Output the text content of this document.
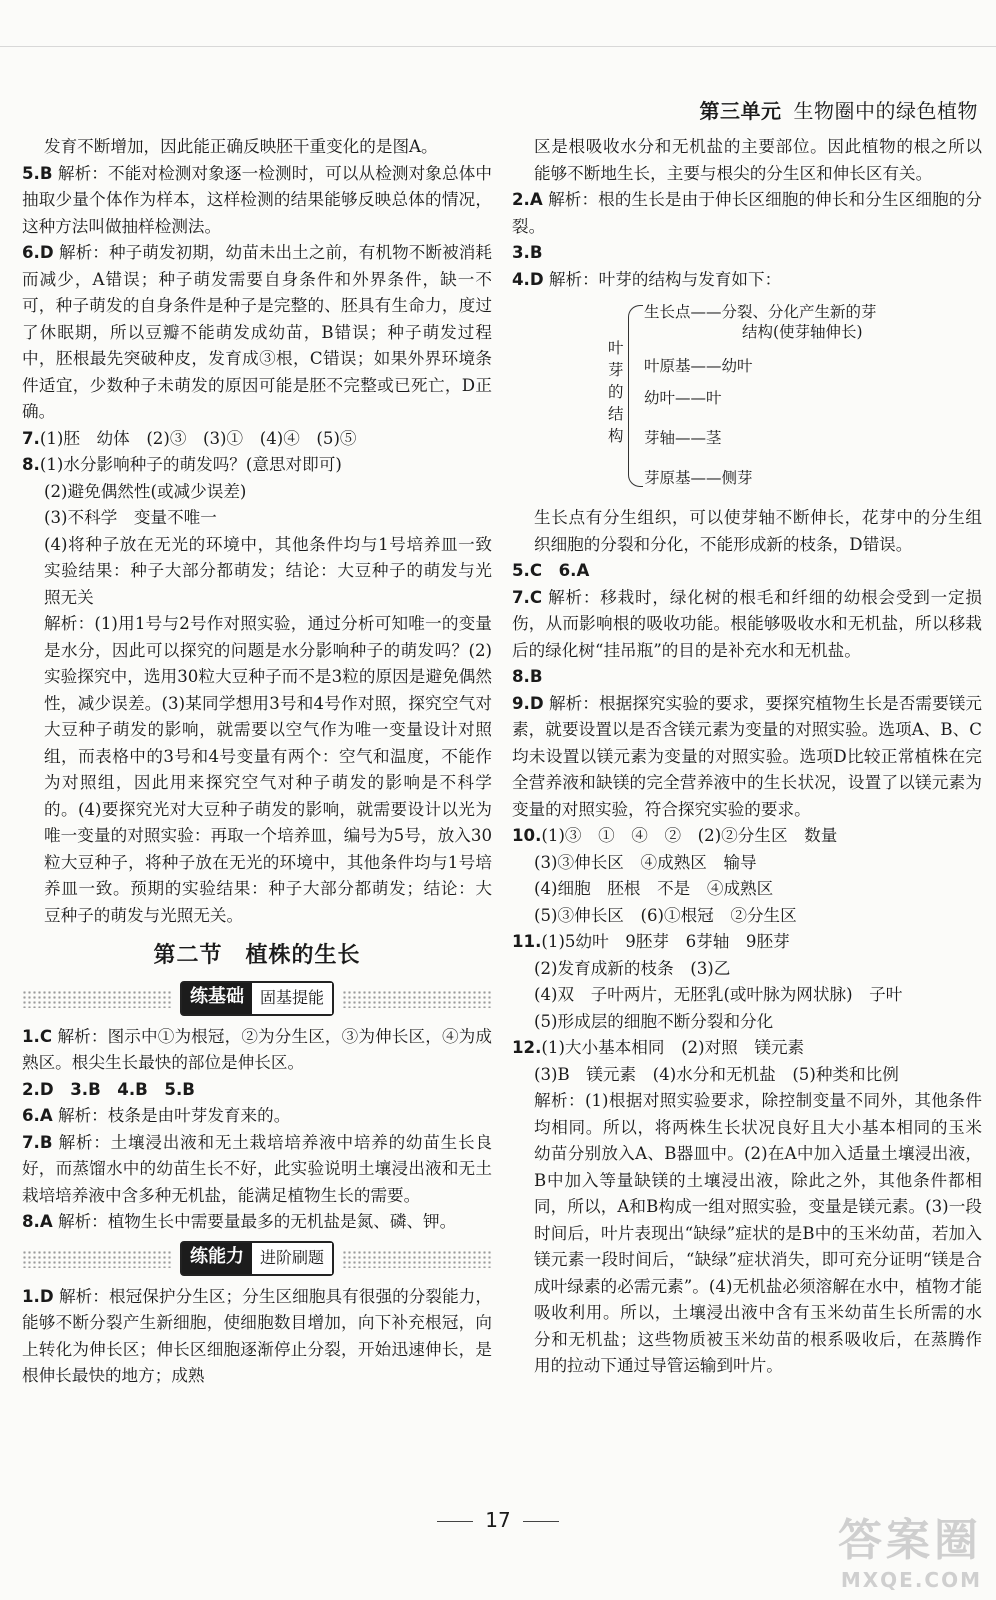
第三单元 生物圈中的绿色植物

发育不断增加，因此能正确反映胚干重变化的是图A。

5.B 解析：不能对检测对象逐一检测时，可以从检测对象总体中抽取少量个体作为样本，这样检测的结果能够反映总体的情况，这种方法叫做抽样检测法。

6.D 解析：种子萌发初期，幼苗未出土之前，有机物不断被消耗而减少，A错误；种子萌发需要自身条件和外界条件，缺一不可，种子萌发的自身条件是种子是完整的、胚具有生命力，度过了休眠期，所以豆瓣不能萌发成幼苗，B错误；种子萌发过程中，胚根最先突破种皮，发育成③根，C错误；如果外界环境条件适宜，少数种子未萌发的原因可能是胚不完整或已死亡，D正确。

7.(1)胚　幼体　(2)③　(3)①　(4)④　(5)⑤

8.(1)水分影响种子的萌发吗？(意思对即可)

(2)避免偶然性(或减少误差)

(3)不科学　变量不唯一

(4)将种子放在无光的环境中，其他条件均与1号培养皿一致　实验结果：种子大部分都萌发；结论：大豆种子的萌发与光照无关

解析：(1)用1号与2号作对照实验，通过分析可知唯一的变量是水分，因此可以探究的问题是水分影响种子的萌发吗？(2)实验探究中，选用30粒大豆种子而不是3粒的原因是避免偶然性，减少误差。(3)某同学想用3号和4号作对照，探究空气对大豆种子萌发的影响，就需要以空气作为唯一变量设计对照组，而表格中的3号和4号变量有两个：空气和温度，不能作为对照组，因此用来探究空气对种子萌发的影响是不科学的。(4)要探究光对大豆种子萌发的影响，就需要设计以光为唯一变量的对照实验：再取一个培养皿，编号为5号，放入30粒大豆种子，将种子放在无光的环境中，其他条件均与1号培养皿一致。预期的实验结果：种子大部分都萌发；结论：大豆种子的萌发与光照无关。

第二节　植株的生长
练基础	固基提能

1.C 解析：图示中①为根冠，②为分生区，③为伸长区，④为成熟区。根尖生长最快的部位是伸长区。

2.D　3.B　4.B　5.B

6.A 解析：枝条是由叶芽发育来的。

7.B 解析：土壤浸出液和无土栽培培养液中培养的幼苗生长良好，而蒸馏水中的幼苗生长不好，此实验说明土壤浸出液和无土栽培培养液中含多种无机盐，能满足植物生长的需要。

8.A 解析：植物生长中需要量最多的无机盐是氮、磷、钾。

练能力	进阶刷题

1.D 解析：根冠保护分生区；分生区细胞具有很强的分裂能力，能够不断分裂产生新细胞，使细胞数目增加，向下补充根冠，向上转化为伸长区；伸长区细胞逐渐停止分裂，开始迅速伸长，是根伸长最快的地方；成熟

区是根吸收水分和无机盐的主要部位。因此植物的根之所以能够不断地生长，主要与根尖的分生区和伸长区有关。

2.A 解析：根的生长是由于伸长区细胞的伸长和分生区细胞的分裂。

3.B

4.D 解析：叶芽的结构与发育如下：

叶芽的结构
生长点——分裂、分化产生新的芽
结构(使芽轴伸长)
叶原基——幼叶
幼叶——叶
芽轴——茎
芽原基——侧芽

生长点有分生组织，可以使芽轴不断伸长，花芽中的分生组织细胞的分裂和分化，不能形成新的枝条，D错误。

5.C　6.A

7.C 解析：移栽时，绿化树的根毛和纤细的幼根会受到一定损伤，从而影响根的吸收功能。根能够吸收水和无机盐，所以移栽后的绿化树“挂吊瓶”的目的是补充水和无机盐。

8.B

9.D 解析：根据探究实验的要求，要探究植物生长是否需要镁元素，就要设置以是否含镁元素为变量的对照实验。选项A、B、C均未设置以镁元素为变量的对照实验。选项D比较正常植株在完全营养液和缺镁的完全营养液中的生长状况，设置了以镁元素为变量的对照实验，符合探究实验的要求。

10.(1)③　①　④　②　(2)②分生区　数量

(3)③伸长区　④成熟区　输导

(4)细胞　胚根　不是　④成熟区

(5)③伸长区　(6)①根冠　②分生区

11.(1)5幼叶　9胚芽　6芽轴　9胚芽

(2)发育成新的枝条　(3)乙

(4)双　子叶两片，无胚乳(或叶脉为网状脉)　子叶

(5)形成层的细胞不断分裂和分化

12.(1)大小基本相同　(2)对照　镁元素

(3)B　镁元素　(4)水分和无机盐　(5)种类和比例

解析：(1)根据对照实验要求，除控制变量不同外，其他条件均相同。所以，将两株生长状况良好且大小基本相同的玉米幼苗分别放入A、B器皿中。(2)在A中加入适量土壤浸出液，B中加入等量缺镁的土壤浸出液，除此之外，其他条件都相同，所以，A和B构成一组对照实验，变量是镁元素。(3)一段时间后，叶片表现出“缺绿”症状的是B中的玉米幼苗，若加入镁元素一段时间后，“缺绿”症状消失，即可充分证明“镁是合成叶绿素的必需元素”。(4)无机盐必须溶解在水中，植物才能吸收利用。所以，土壤浸出液中含有玉米幼苗生长所需的水分和无机盐；这些物质被玉米幼苗的根系吸收后，在蒸腾作用的拉动下通过导管运输到叶片。

17	答案圈
MXQE.COM
